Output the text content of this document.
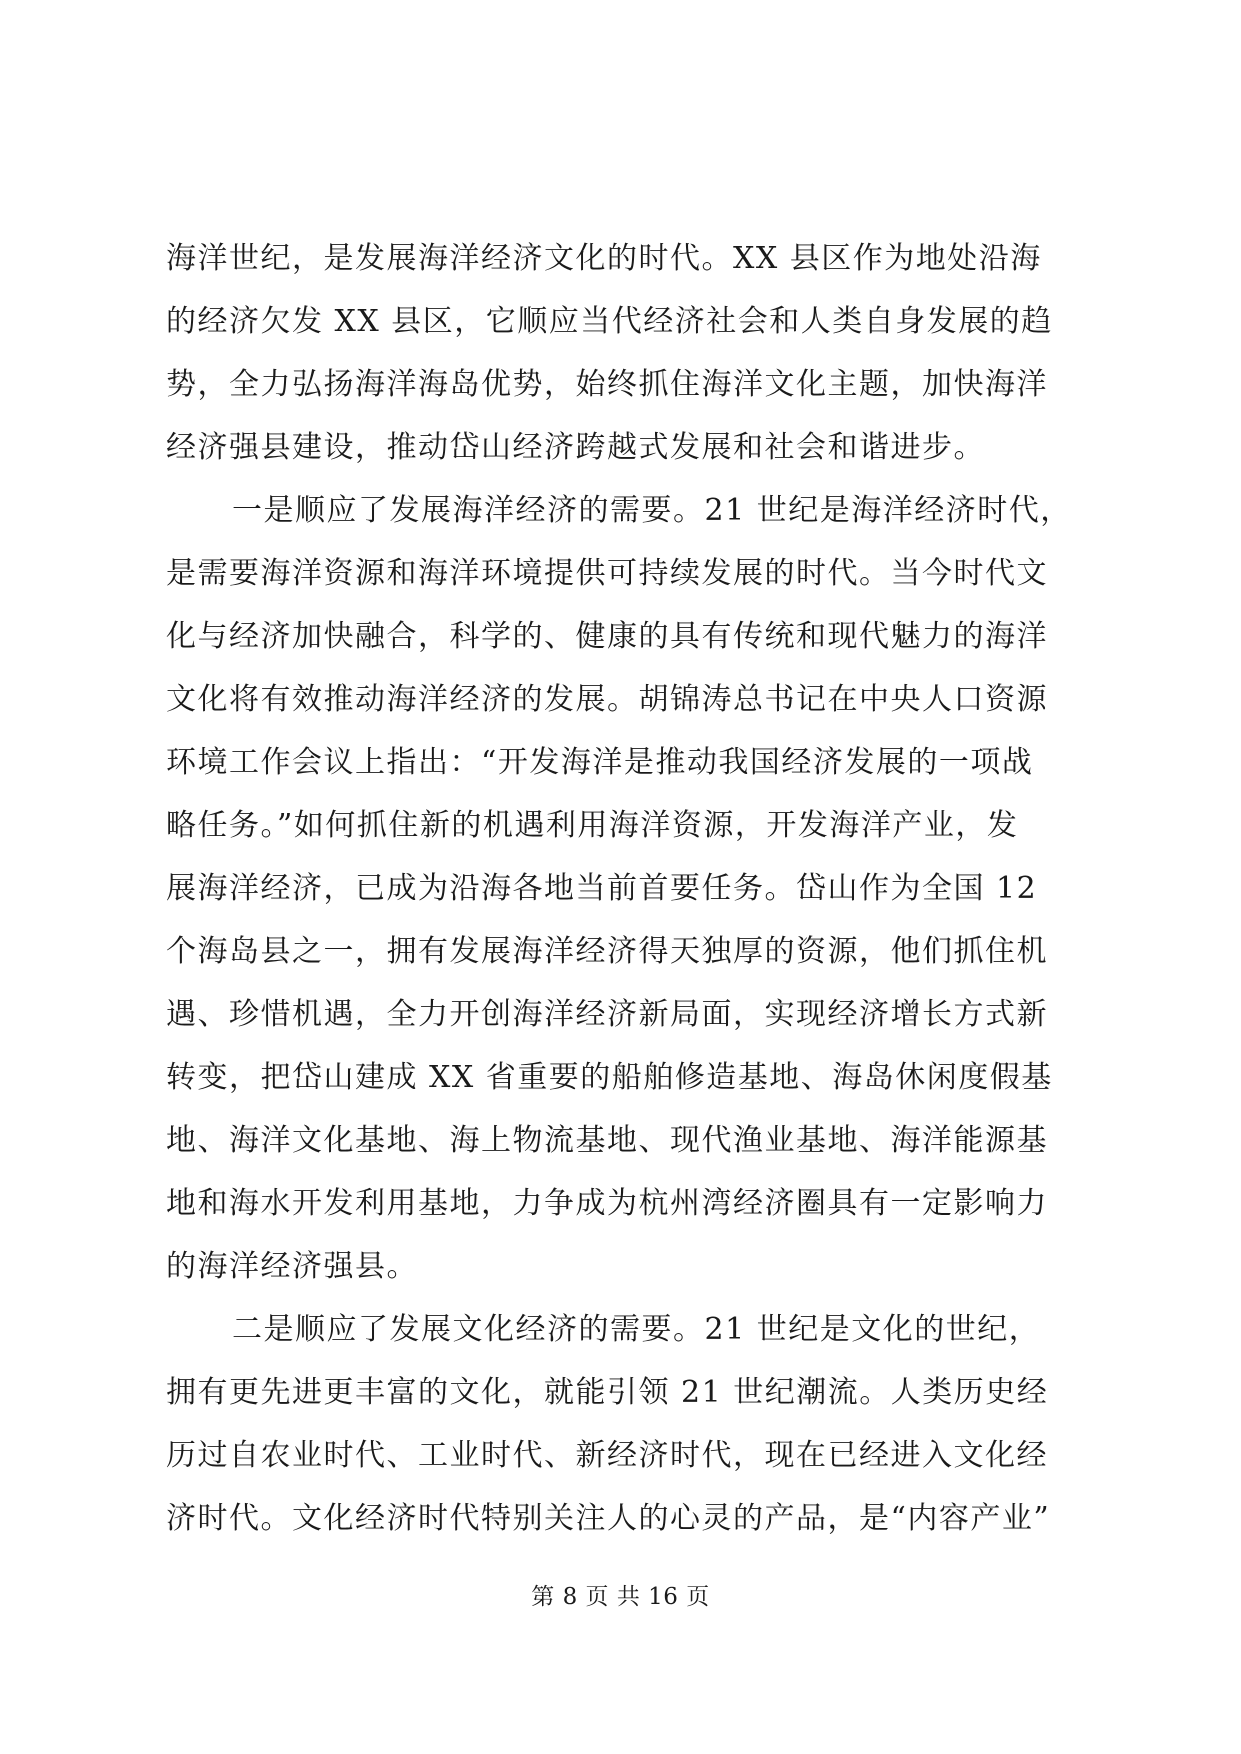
海洋世纪，是发展海洋经济文化的时代。XX 县区作为地处沿海
的经济欠发 XX 县区，它顺应当代经济社会和人类自身发展的趋
势，全力弘扬海洋海岛优势，始终抓住海洋文化主题，加快海洋
经济强县建设，推动岱山经济跨越式发展和社会和谐进步。
一是顺应了发展海洋经济的需要。21 世纪是海洋经济时代，
是需要海洋资源和海洋环境提供可持续发展的时代。当今时代文
化与经济加快融合，科学的、健康的具有传统和现代魅力的海洋
文化将有效推动海洋经济的发展。胡锦涛总书记在中央人口资源
环境工作会议上指出：“开发海洋是推动我国经济发展的一项战
略任务。”如何抓住新的机遇利用海洋资源，开发海洋产业，发
展海洋经济，已成为沿海各地当前首要任务。岱山作为全国 12
个海岛县之一，拥有发展海洋经济得天独厚的资源，他们抓住机
遇、珍惜机遇，全力开创海洋经济新局面，实现经济增长方式新
转变，把岱山建成 XX 省重要的船舶修造基地、海岛休闲度假基
地、海洋文化基地、海上物流基地、现代渔业基地、海洋能源基
地和海水开发利用基地，力争成为杭州湾经济圈具有一定影响力
的海洋经济强县。
二是顺应了发展文化经济的需要。21 世纪是文化的世纪，
拥有更先进更丰富的文化，就能引领 21 世纪潮流。人类历史经
历过自农业时代、工业时代、新经济时代，现在已经进入文化经
济时代。文化经济时代特别关注人的心灵的产品，是“内容产业”
第 8 页 共 16 页
